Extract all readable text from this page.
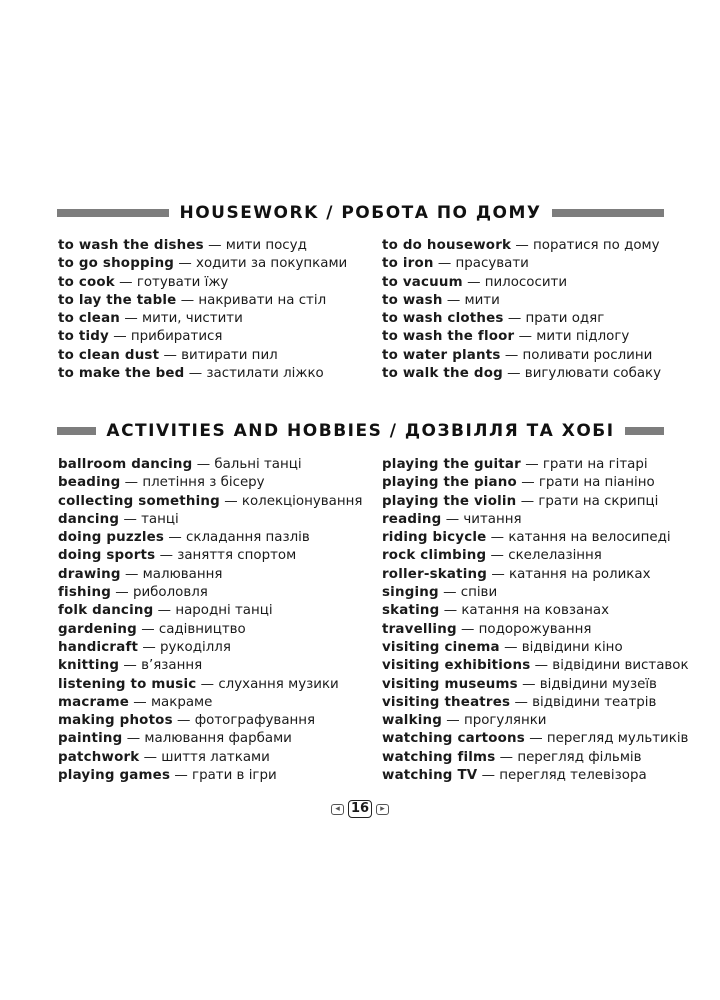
HOUSEWORK / РОБОТА ПО ДОМУ
to wash the dishes — мити посуд
to go shopping — ходити за покупками
to cook — готувати їжу
to lay the table — накривати на стіл
to clean — мити, чистити
to tidy — прибиратися
to clean dust — витирати пил
to make the bed — застилати ліжко
to do housework — поратися по дому
to iron — прасувати
to vacuum — пилососити
to wash — мити
to wash clothes — прати одяг
to wash the floor — мити підлогу
to water plants — поливати рослини
to walk the dog — вигулювати собаку
ACTIVITIES AND HOBBIES / ДОЗВІЛЛЯ ТА ХОБІ
ballroom dancing — бальні танці
beading — плетіння з бісеру
collecting something — колекціонування
dancing — танці
doing puzzles — складання пазлів
doing sports — заняття спортом
drawing — малювання
fishing — риболовля
folk dancing — народні танці
gardening — садівництво
handicraft — рукоділля
knitting — в’язання
listening to music — слухання музики
macrame — макраме
making photos — фотографування
painting — малювання фарбами
patchwork — шиття латками
playing games — грати в ігри
playing the guitar — грати на гітарі
playing the piano — грати на піаніно
playing the violin — грати на скрипці
reading — читання
riding bicycle — катання на велосипеді
rock climbing — скелелазіння
roller-skating — катання на роликах
singing — співи
skating — катання на ковзанах
travelling — подорожування
visiting cinema — відвідини кіно
visiting exhibitions — відвідини виставок
visiting museums — відвідини музеїв
visiting theatres — відвідини театрів
walking — прогулянки
watching cartoons — перегляд мультиків
watching films — перегляд фільмів
watching TV — перегляд телевізора
◂ 16	▸
